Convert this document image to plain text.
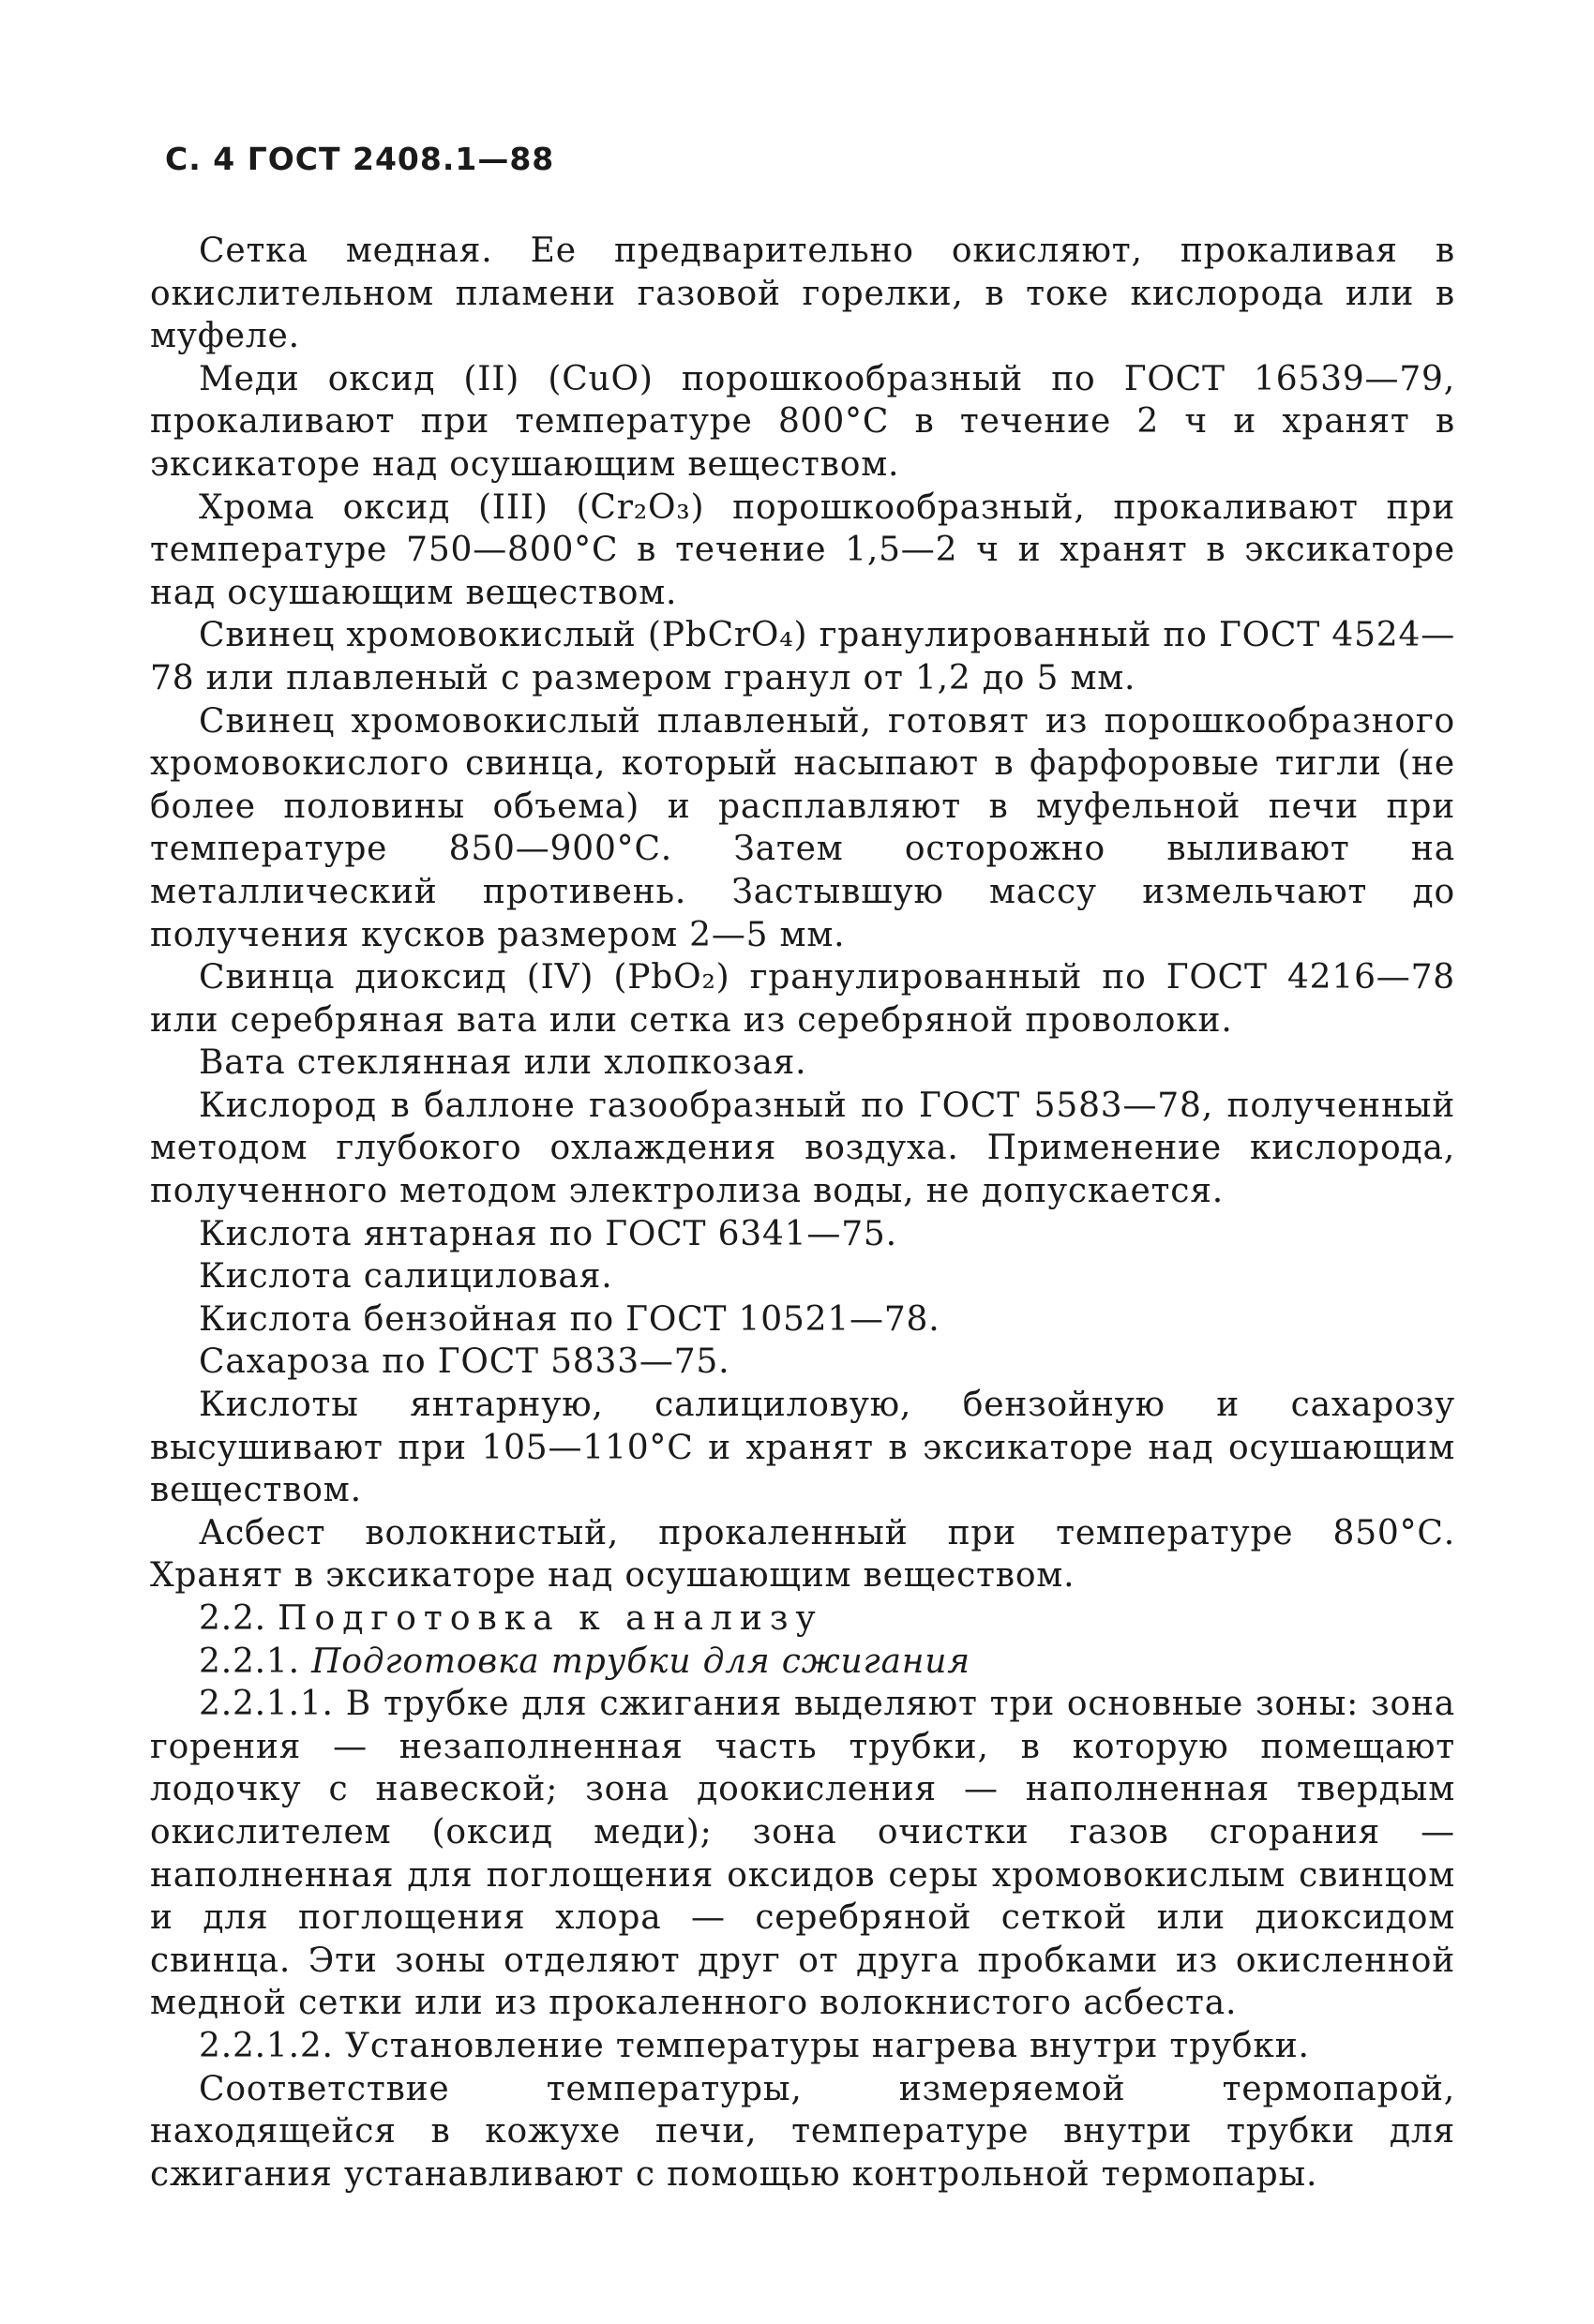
С. 4 ГОСТ 2408.1—88

Сетка медная. Ее предварительно окисляют, прокаливая в окислительном пламени газовой горелки, в токе кислорода или в муфеле.

Меди оксид (II) (CuO) порошкообразный по ГОСТ 16539—79, прокаливают при температуре 800°С в течение 2 ч и хранят в эксикаторе над осушающим веществом.

Хрома оксид (III) (Cr₂O₃) порошкообразный, прокаливают при температуре 750—800°С в течение 1,5—2 ч и хранят в эксикаторе над осушающим веществом.

Свинец хромовокислый (PbCrO₄) гранулированный по ГОСТ 4524—78 или плавленый с размером гранул от 1,2 до 5 мм.

Свинец хромовокислый плавленый, готовят из порошкообразного хромовокислого свинца, который насыпают в фарфоровые тигли (не более половины объема) и расплавляют в муфельной печи при температуре 850—900°С. Затем осторожно выливают на металлический противень. Застывшую массу измельчают до получения кусков размером 2—5 мм.

Свинца диоксид (IV) (PbO₂) гранулированный по ГОСТ 4216—78 или серебряная вата или сетка из серебряной проволоки.

Вата стеклянная или хлопкозая.

Кислород в баллоне газообразный по ГОСТ 5583—78, полученный методом глубокого охлаждения воздуха. Применение кислорода, полученного методом электролиза воды, не допускается.

Кислота янтарная по ГОСТ 6341—75.

Кислота салициловая.

Кислота бензойная по ГОСТ 10521—78.

Сахароза по ГОСТ 5833—75.

Кислоты янтарную, салициловую, бензойную и сахарозу высушивают при 105—110°С и хранят в эксикаторе над осушающим веществом.

Асбест волокнистый, прокаленный при температуре 850°С. Хранят в эксикаторе над осушающим веществом.

2.2. Подготовка к анализу

2.2.1. Подготовка трубки для сжигания

2.2.1.1. В трубке для сжигания выделяют три основные зоны: зона горения — незаполненная часть трубки, в которую помещают лодочку с навеской; зона доокисления — наполненная твердым окислителем (оксид меди); зона очистки газов сгорания — наполненная для поглощения оксидов серы хромовокислым свинцом и для поглощения хлора — серебряной сеткой или диоксидом свинца. Эти зоны отделяют друг от друга пробками из окисленной медной сетки или из прокаленного волокнистого асбеста.

2.2.1.2. Установление температуры нагрева внутри трубки.

Соответствие температуры, измеряемой термопарой, находящейся в кожухе печи, температуре внутри трубки для сжигания устанавливают с помощью контрольной термопары.
